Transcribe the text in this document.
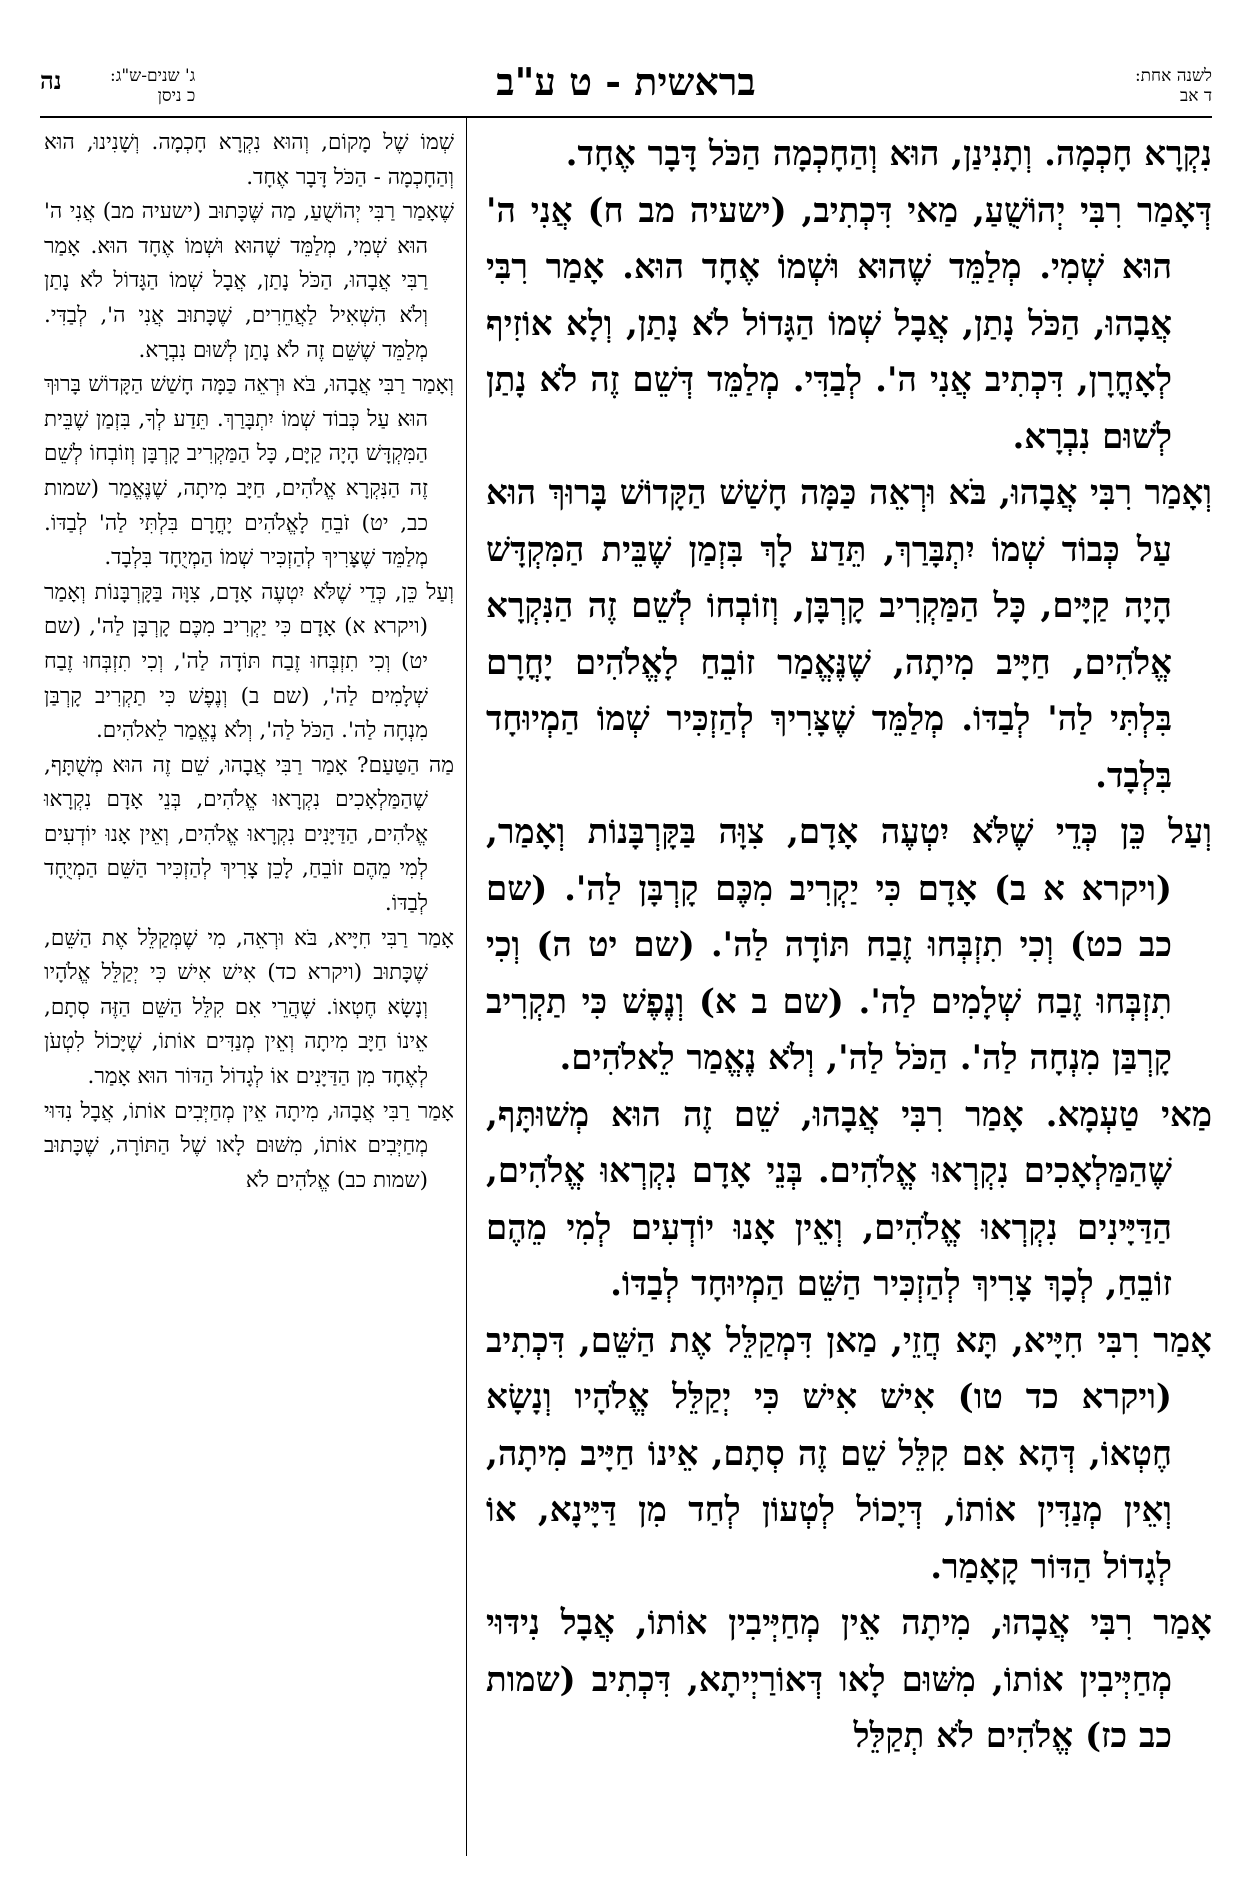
לשנה אחת:
ד אב
בראשית - ט ע"ב
ג' שנים-ש"ג:
כ ניסן
נה

נִקְרָא חָכְמָה. וְתָנִינַן, הוּא וְהַחָכְמָה הַכֹּל דָּבָר אֶחָד.

דְּאָמַר רִבִּי יְהוֹשֻׁעַ, מַאי דִּכְתִיב, (ישעיה מב ח) אֲנִי ה' הוּא שְׁמִי. מְלַמֵּד שֶׁהוּא וּשְׁמוֹ אֶחָד הוּא. אָמַר רִבִּי אֲבָהוּ, הַכֹּל נָתַן, אֲבָל שְׁמוֹ הַגָּדוֹל לֹא נָתַן, וְלָא אוֹזִיף לְאָחֳרָן, דִּכְתִיב אֲנִי ה'. לְבַדִּי. מְלַמֵּד דְּשֵׁם זֶה לֹא נָתַן לְשׁוּם נִבְרָא.

וְאָמַר רִבִּי אֲבָהוּ, בֹּא וּרְאֵה כַּמָּה חָשַׁשׁ הַקָּדוֹשׁ בָּרוּךְ הוּא עַל כְּבוֹד שְׁמוֹ יִתְבָּרַךְ, תֵּדַע לָךְ בִּזְמַן שֶׁבֵּית הַמִּקְדָּשׁ הָיָה קַיָּים, כָּל הַמַּקְרִיב קָרְבָּן, וְזוֹבְחוֹ לְשֵׁם זֶה הַנִּקְרָא אֱלֹהִים, חַיָּיב מִיתָה, שֶׁנֶּאֱמַר זוֹבֵחַ לָאֱלֹהִים יָחֳרָם בִּלְתִּי לַה' לְבַדּוֹ. מְלַמֵּד שֶׁצָּרִיךְ לְהַזְכִּיר שְׁמוֹ הַמְיוּחָד בִּלְבָד.

וְעַל כֵּן כְּדֵי שֶׁלֹּא יִטְעֶה אָדָם, צִוָּה בַּקָּרְבָּנוֹת וְאָמַר, (ויקרא א ב) אָדָם כִּי יַקְרִיב מִכֶּם קָרְבָּן לַה'. (שם כב כט) וְכִי תִזְבְּחוּ זֶבַח תּוֹדָה לַה'. (שם יט ה) וְכִי תִזְבְּחוּ זֶבַח שְׁלָמִים לַה'. (שם ב א) וְנֶפֶשׁ כִּי תַקְרִיב קָרְבַּן מִנְחָה לַה'. הַכֹּל לַה', וְלֹא נֶאֱמַר לֵאלֹהִים.

מַאי טַעְמָא. אָמַר רִבִּי אֲבָהוּ, שֵׁם זֶה הוּא מְשׁוּתָּף, שֶׁהַמַּלְאָכִים נִקְרְאוּ אֱלֹהִים. בְּנֵי אָדָם נִקְרְאוּ אֱלֹהִים, הַדַּיָּינִים נִקְרְאוּ אֱלֹהִים, וְאֵין אָנוּ יוֹדְעִים לְמִי מֵהֶם זוֹבֵחַ, לְכָךְ צָרִיךְ לְהַזְכִּיר הַשֵּׁם הַמְיוּחָד לְבַדּוֹ.

אָמַר רִבִּי חִיָּיא, תָּא חֲזֵי, מַאן דִּמְקַלֵּל אֶת הַשֵּׁם, דִּכְתִיב (ויקרא כד טו) אִישׁ אִישׁ כִּי יְקַלֵּל אֱלֹהָיו וְנָשָׂא חֶטְאוֹ, דְּהָא אִם קִלֵּל שֵׁם זֶה סְתָם, אֵינוֹ חַיָּיב מִיתָה, וְאֵין מְנַדִּין אוֹתוֹ, דְּיָכוֹל לְטְעוֹן לְחַד מִן דַּיָּינָא, אוֹ לְגָדוֹל הַדּוֹר קָאָמַר.

אָמַר רִבִּי אֲבָהוּ, מִיתָה אֵין מְחַיְּיבִין אוֹתוֹ, אֲבָל נִידּוּי מְחַיְּיבִין אוֹתוֹ, מִשּׁוּם לָאו דְּאוֹרַיְיתָא, דִּכְתִיב (שמות כב כז) אֱלֹהִים לֹא תְקַלֵּל

שְׁמוֹ שֶׁל מָקוֹם, וְהוּא נִקְרָא חָכְמָה. וְשָׁנִינוּ, הוּא וְהַחָכְמָה - הַכֹּל דָּבָר אֶחָד.

שֶׁאָמַר רַבִּי יְהוֹשֻׁעַ, מַה שֶּׁכָּתוּב (ישעיה מב) אֲנִי ה' הוּא שְׁמִי, מְלַמֵּד שֶׁהוּא וּשְׁמוֹ אֶחָד הוּא. אָמַר רַבִּי אֲבָהוּ, הַכֹּל נָתַן, אֲבָל שְׁמוֹ הַגָּדוֹל לֹא נָתַן וְלֹא הִשְׁאִיל לַאֲחֵרִים, שֶׁכָּתוּב אֲנִי ה', לְבַדִּי. מְלַמֵּד שֶׁשֵּׁם זֶה לֹא נָתַן לְשׁוּם נִבְרָא.

וְאָמַר רַבִּי אֲבָהוּ, בֹּא וּרְאֵה כַּמָּה חָשַׁשׁ הַקָּדוֹשׁ בָּרוּךְ הוּא עַל כְּבוֹד שְׁמוֹ יִתְבָּרַךְ. תֵּדַע לְךָ, בִּזְמַן שֶׁבֵּית הַמִּקְדָּשׁ הָיָה קַיָּם, כָּל הַמַּקְרִיב קָרְבָּן וְזוֹבְחוֹ לְשֵׁם זֶה הַנִּקְרָא אֱלֹהִים, חַיָּב מִיתָה, שֶׁנֶּאֱמַר (שמות כב, יט) זֹבֵחַ לָאֱלֹהִים יָחֳרָם בִּלְתִּי לַה' לְבַדּוֹ. מְלַמֵּד שֶׁצָּרִיךְ לְהַזְכִּיר שְׁמוֹ הַמְיֻחָד בִּלְבָד.

וְעַל כֵּן, כְּדֵי שֶׁלֹּא יִטְעֶה אָדָם, צִוָּה בַּקָּרְבָּנוֹת וְאָמַר (ויקרא א) אָדָם כִּי יַקְרִיב מִכֶּם קָרְבָּן לַה', (שם יט) וְכִי תִזְבְּחוּ זֶבַח תּוֹדָה לַה', וְכִי תִזְבְּחוּ זֶבַח שְׁלָמִים לַה', (שם ב) וְנֶפֶשׁ כִּי תַקְרִיב קָרְבַּן מִנְחָה לַה'. הַכֹּל לַה', וְלֹא נֶאֱמַר לֵאלֹהִים.

מַה הַטַּעַם? אָמַר רַבִּי אֲבָהוּ, שֵׁם זֶה הוּא מְשֻׁתָּף, שֶׁהַמַּלְאָכִים נִקְרָאוּ אֱלֹהִים, בְּנֵי אָדָם נִקְרָאוּ אֱלֹהִים, הַדַּיָּנִים נִקְרָאוּ אֱלֹהִים, וְאֵין אָנוּ יוֹדְעִים לְמִי מֵהֶם זוֹבֵחַ, לָכֵן צָרִיךְ לְהַזְכִּיר הַשֵּׁם הַמְיֻחָד לְבַדּוֹ.

אָמַר רַבִּי חִיָּיא, בֹּא וּרְאֵה, מִי שֶׁמְּקַלֵּל אֶת הַשֵּׁם, שֶׁכָּתוּב (ויקרא כד) אִישׁ אִישׁ כִּי יְקַלֵּל אֱלֹהָיו וְנָשָׂא חֶטְאוֹ. שֶׁהֲרֵי אִם קִלֵּל הַשֵּׁם הַזֶּה סְתָם, אֵינוֹ חַיָּב מִיתָה וְאֵין מְנַדִּים אוֹתוֹ, שֶׁיָּכוֹל לִטְעֹן לְאֶחָד מִן הַדַּיָּנִים אוֹ לְגָדוֹל הַדּוֹר הוּא אָמַר.

אָמַר רַבִּי אֲבָהוּ, מִיתָה אֵין מְחַיְּבִים אוֹתוֹ, אֲבָל נִדּוּי מְחַיְּבִים אוֹתוֹ, מִשּׁוּם לָאו שֶׁל הַתּוֹרָה, שֶׁכָּתוּב (שמות כב) אֱלֹהִים לֹא
